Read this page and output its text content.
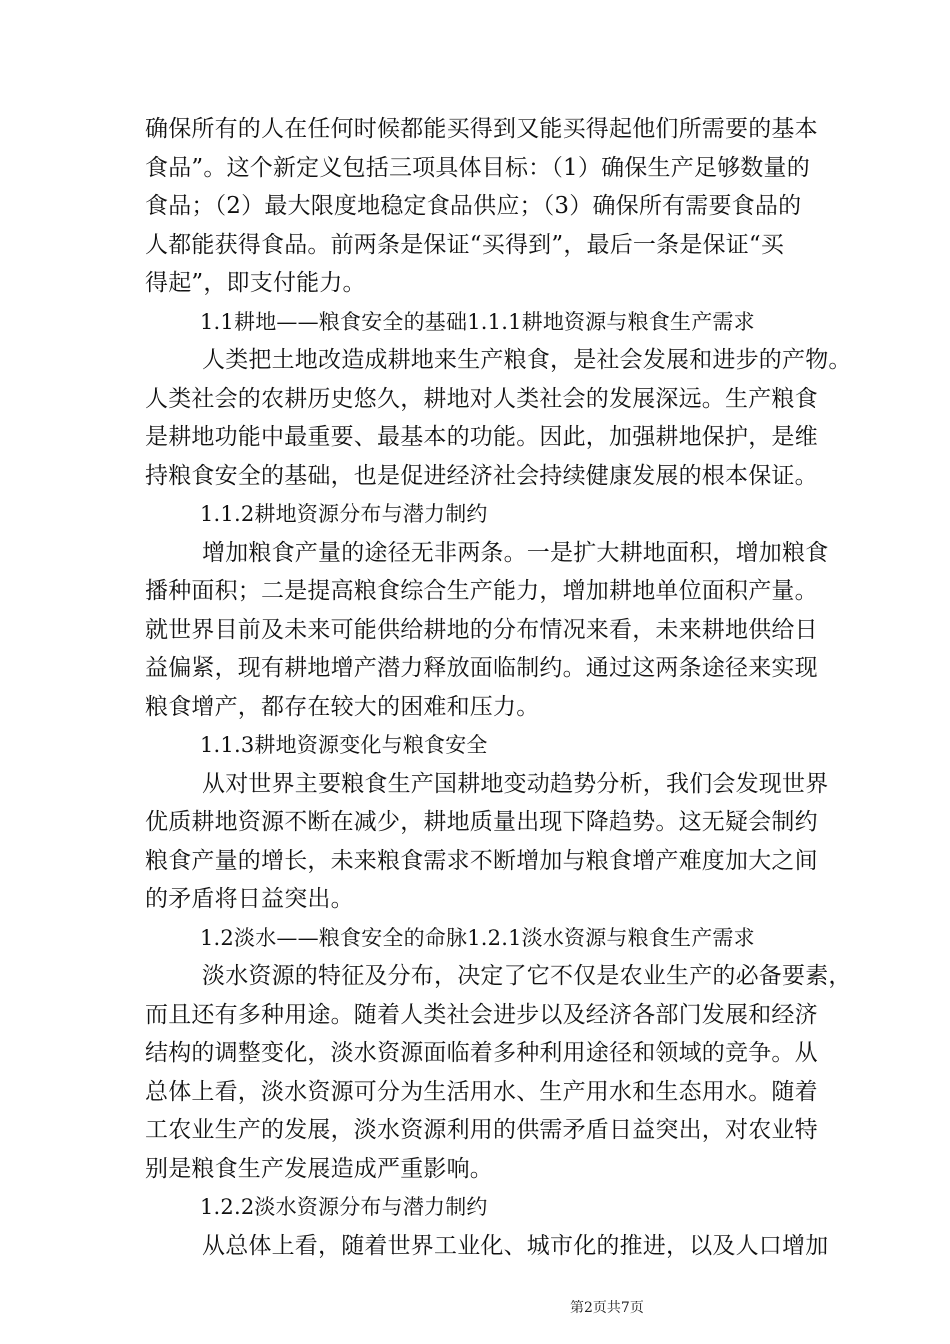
确保所有的人在任何时候都能买得到又能买得起他们所需要的基本
食品”。这个新定义包括三项具体目标：（1）确保生产足够数量的
食品；（2）最大限度地稳定食品供应；（3）确保所有需要食品的
人都能获得食品。前两条是保证“买得到”，最后一条是保证“买
得起”，即支付能力。
1.1耕地——粮食安全的基础1.1.1耕地资源与粮食生产需求
人类把土地改造成耕地来生产粮食，是社会发展和进步的产物。
人类社会的农耕历史悠久，耕地对人类社会的发展深远。生产粮食
是耕地功能中最重要、最基本的功能。因此，加强耕地保护，是维
持粮食安全的基础，也是促进经济社会持续健康发展的根本保证。
1.1.2耕地资源分布与潜力制约
增加粮食产量的途径无非两条。一是扩大耕地面积，增加粮食
播种面积；二是提高粮食综合生产能力，增加耕地单位面积产量。
就世界目前及未来可能供给耕地的分布情况来看，未来耕地供给日
益偏紧，现有耕地增产潜力释放面临制约。通过这两条途径来实现
粮食增产，都存在较大的困难和压力。
1.1.3耕地资源变化与粮食安全
从对世界主要粮食生产国耕地变动趋势分析，我们会发现世界
优质耕地资源不断在减少，耕地质量出现下降趋势。这无疑会制约
粮食产量的增长，未来粮食需求不断增加与粮食增产难度加大之间
的矛盾将日益突出。
1.2淡水——粮食安全的命脉1.2.1淡水资源与粮食生产需求
淡水资源的特征及分布，决定了它不仅是农业生产的必备要素，
而且还有多种用途。随着人类社会进步以及经济各部门发展和经济
结构的调整变化，淡水资源面临着多种利用途径和领域的竞争。从
总体上看，淡水资源可分为生活用水、生产用水和生态用水。随着
工农业生产的发展，淡水资源利用的供需矛盾日益突出，对农业特
别是粮食生产发展造成严重影响。
1.2.2淡水资源分布与潜力制约
从总体上看，随着世界工业化、城市化的推进，以及人口增加
第2页共7页
